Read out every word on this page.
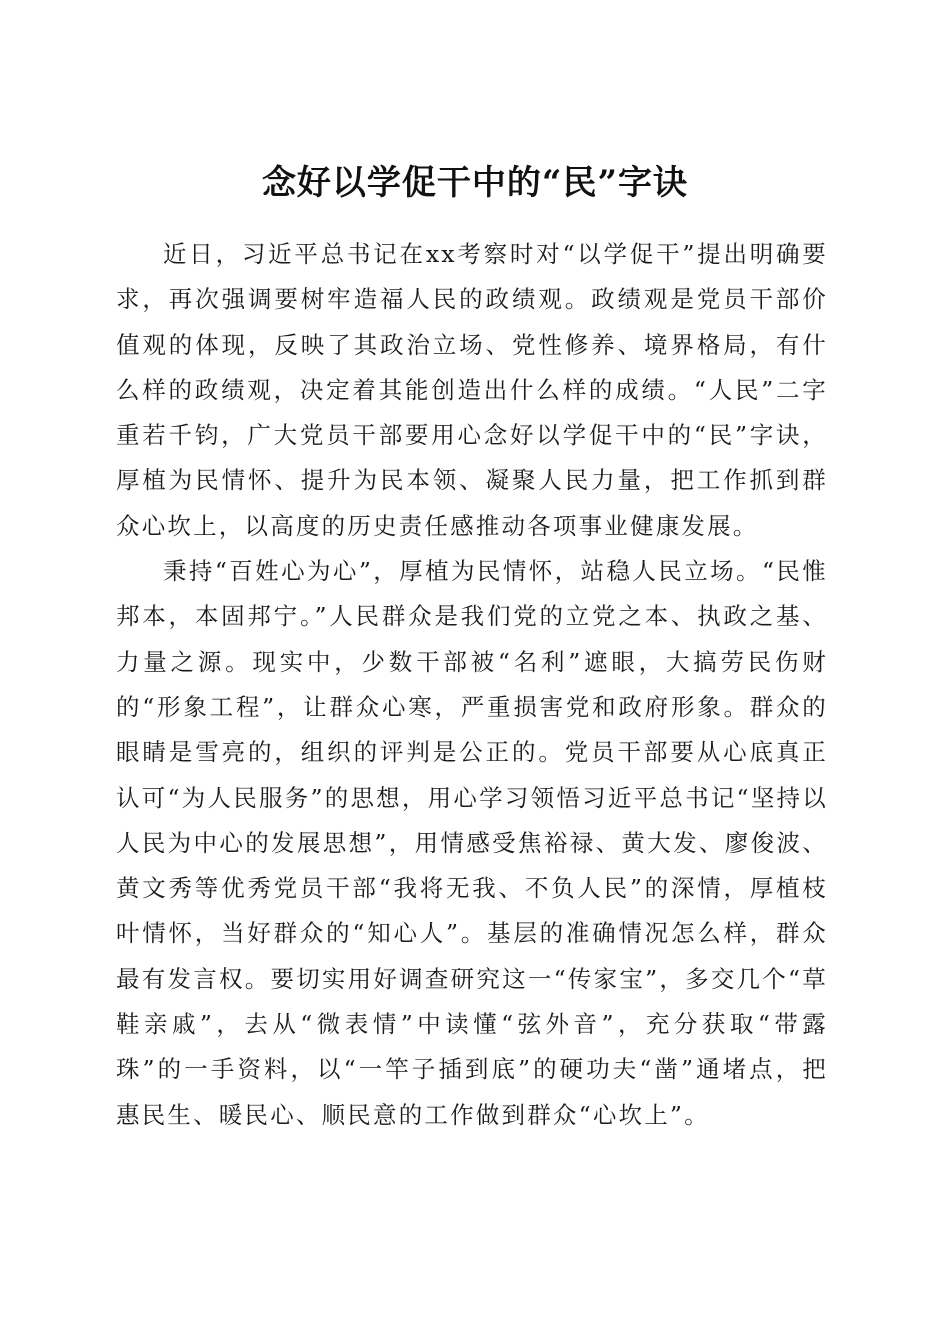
念好以学促干中的“民”字诀

近日，习近平总书记在xx考察时对“以学促干”提出明确要求，再次强调要树牢造福人民的政绩观。政绩观是党员干部价值观的体现，反映了其政治立场、党性修养、境界格局，有什么样的政绩观，决定着其能创造出什么样的成绩。“人民”二字重若千钧，广大党员干部要用心念好以学促干中的“民”字诀，厚植为民情怀、提升为民本领、凝聚人民力量，把工作抓到群众心坎上，以高度的历史责任感推动各项事业健康发展。

秉持“百姓心为心”，厚植为民情怀，站稳人民立场。“民惟邦本，本固邦宁。”人民群众是我们党的立党之本、执政之基、力量之源。现实中，少数干部被“名利”遮眼，大搞劳民伤财的“形象工程”，让群众心寒，严重损害党和政府形象。群众的眼睛是雪亮的，组织的评判是公正的。党员干部要从心底真正认可“为人民服务”的思想，用心学习领悟习近平总书记“坚持以人民为中心的发展思想”，用情感受焦裕禄、黄大发、廖俊波、黄文秀等优秀党员干部“我将无我、不负人民”的深情，厚植枝叶情怀，当好群众的“知心人”。基层的准确情况怎么样，群众最有发言权。要切实用好调查研究这一“传家宝”，多交几个“草鞋亲戚”，去从“微表情”中读懂“弦外音”，充分获取“带露珠”的一手资料，以“一竿子插到底”的硬功夫“凿”通堵点，把惠民生、暖民心、顺民意的工作做到群众“心坎上”。
